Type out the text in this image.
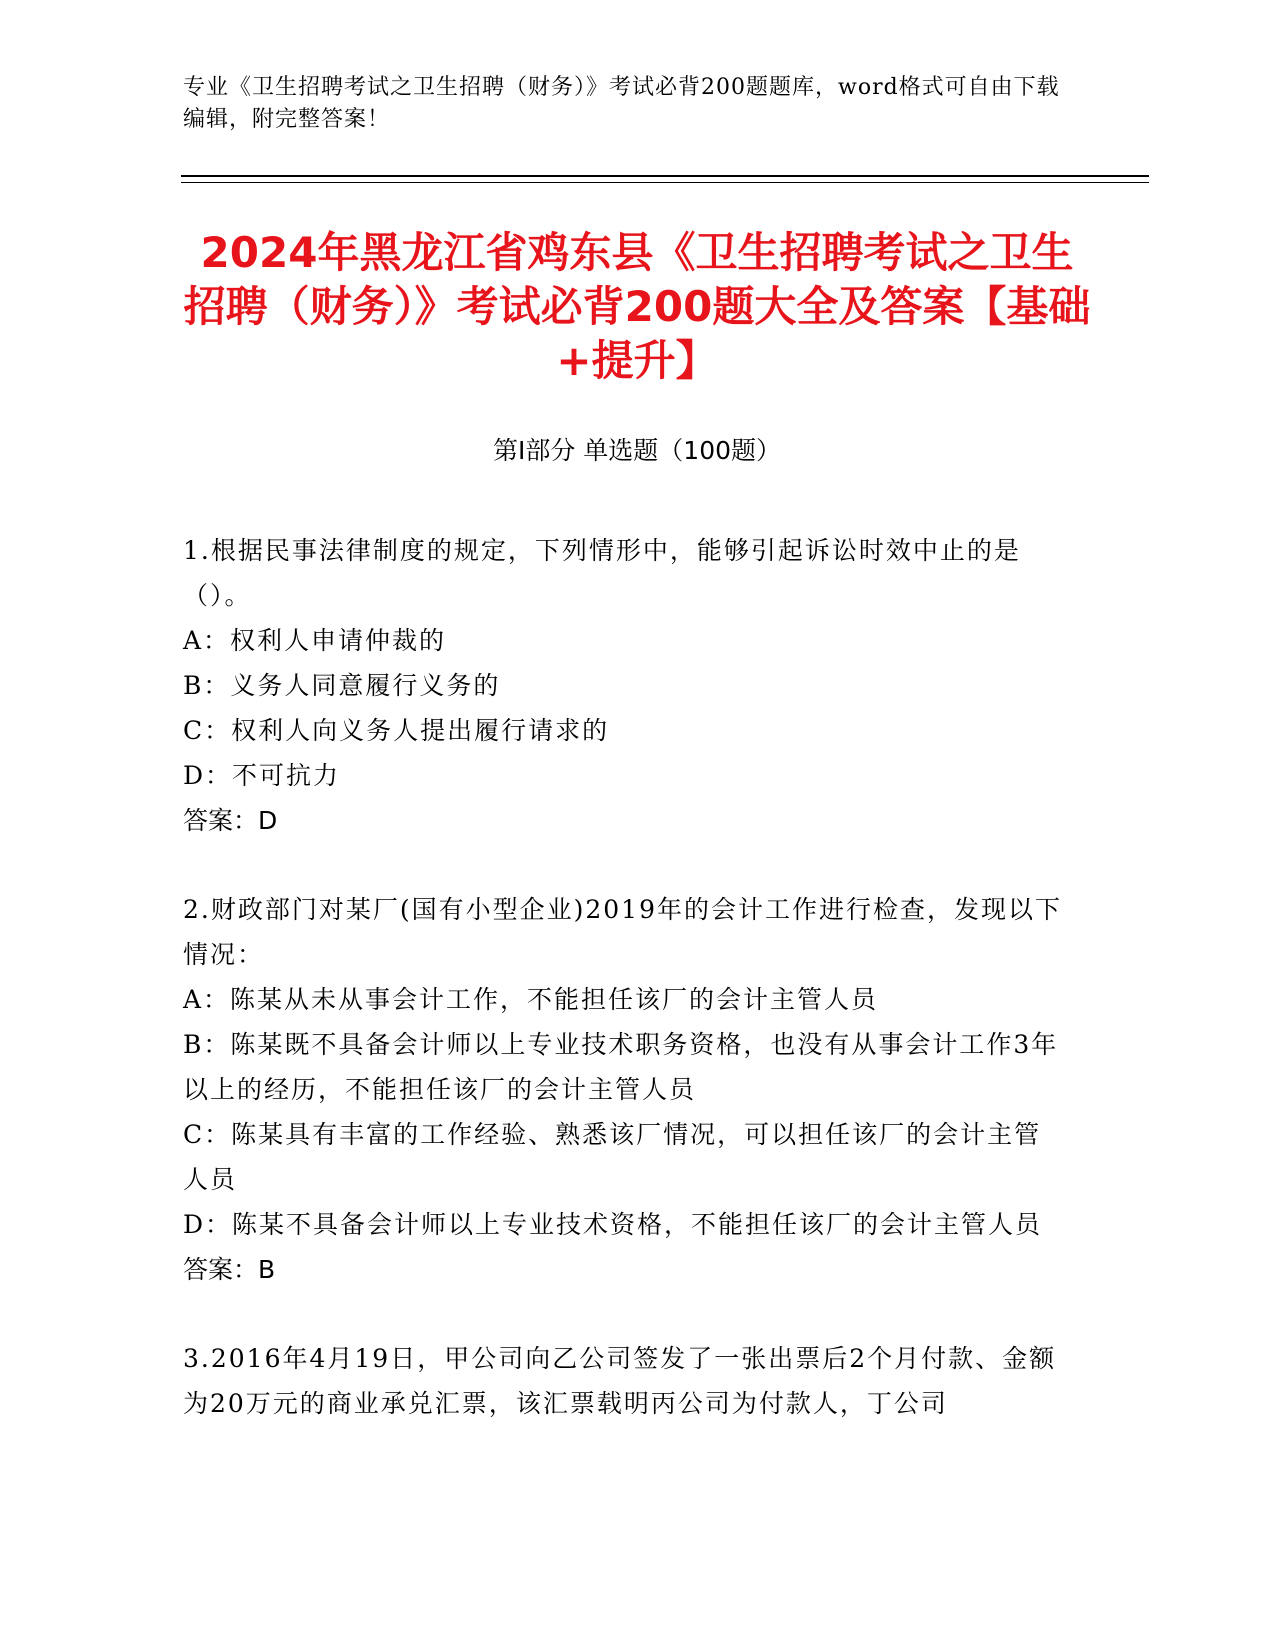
专业《卫生招聘考试之卫生招聘（财务）》考试必背200题题库，word格式可自由下载编辑，附完整答案！
2024年黑龙江省鸡东县《卫生招聘考试之卫生招聘（财务）》考试必背200题大全及答案【基础+提升】
第I部分 单选题（100题）

1.根据民事法律制度的规定，下列情形中，能够引起诉讼时效中止的是（）。

A：权利人申请仲裁的

B：义务人同意履行义务的

C：权利人向义务人提出履行请求的

D：不可抗力

答案：D

2.财政部门对某厂(国有小型企业)2019年的会计工作进行检查，发现以下情况：

A：陈某从未从事会计工作，不能担任该厂的会计主管人员

B：陈某既不具备会计师以上专业技术职务资格，也没有从事会计工作3年以上的经历，不能担任该厂的会计主管人员

C：陈某具有丰富的工作经验、熟悉该厂情况，可以担任该厂的会计主管人员

D：陈某不具备会计师以上专业技术资格，不能担任该厂的会计主管人员

答案：B

3.2016年4月19日，甲公司向乙公司签发了一张出票后2个月付款、金额为20万元的商业承兑汇票，该汇票载明丙公司为付款人，丁公司
